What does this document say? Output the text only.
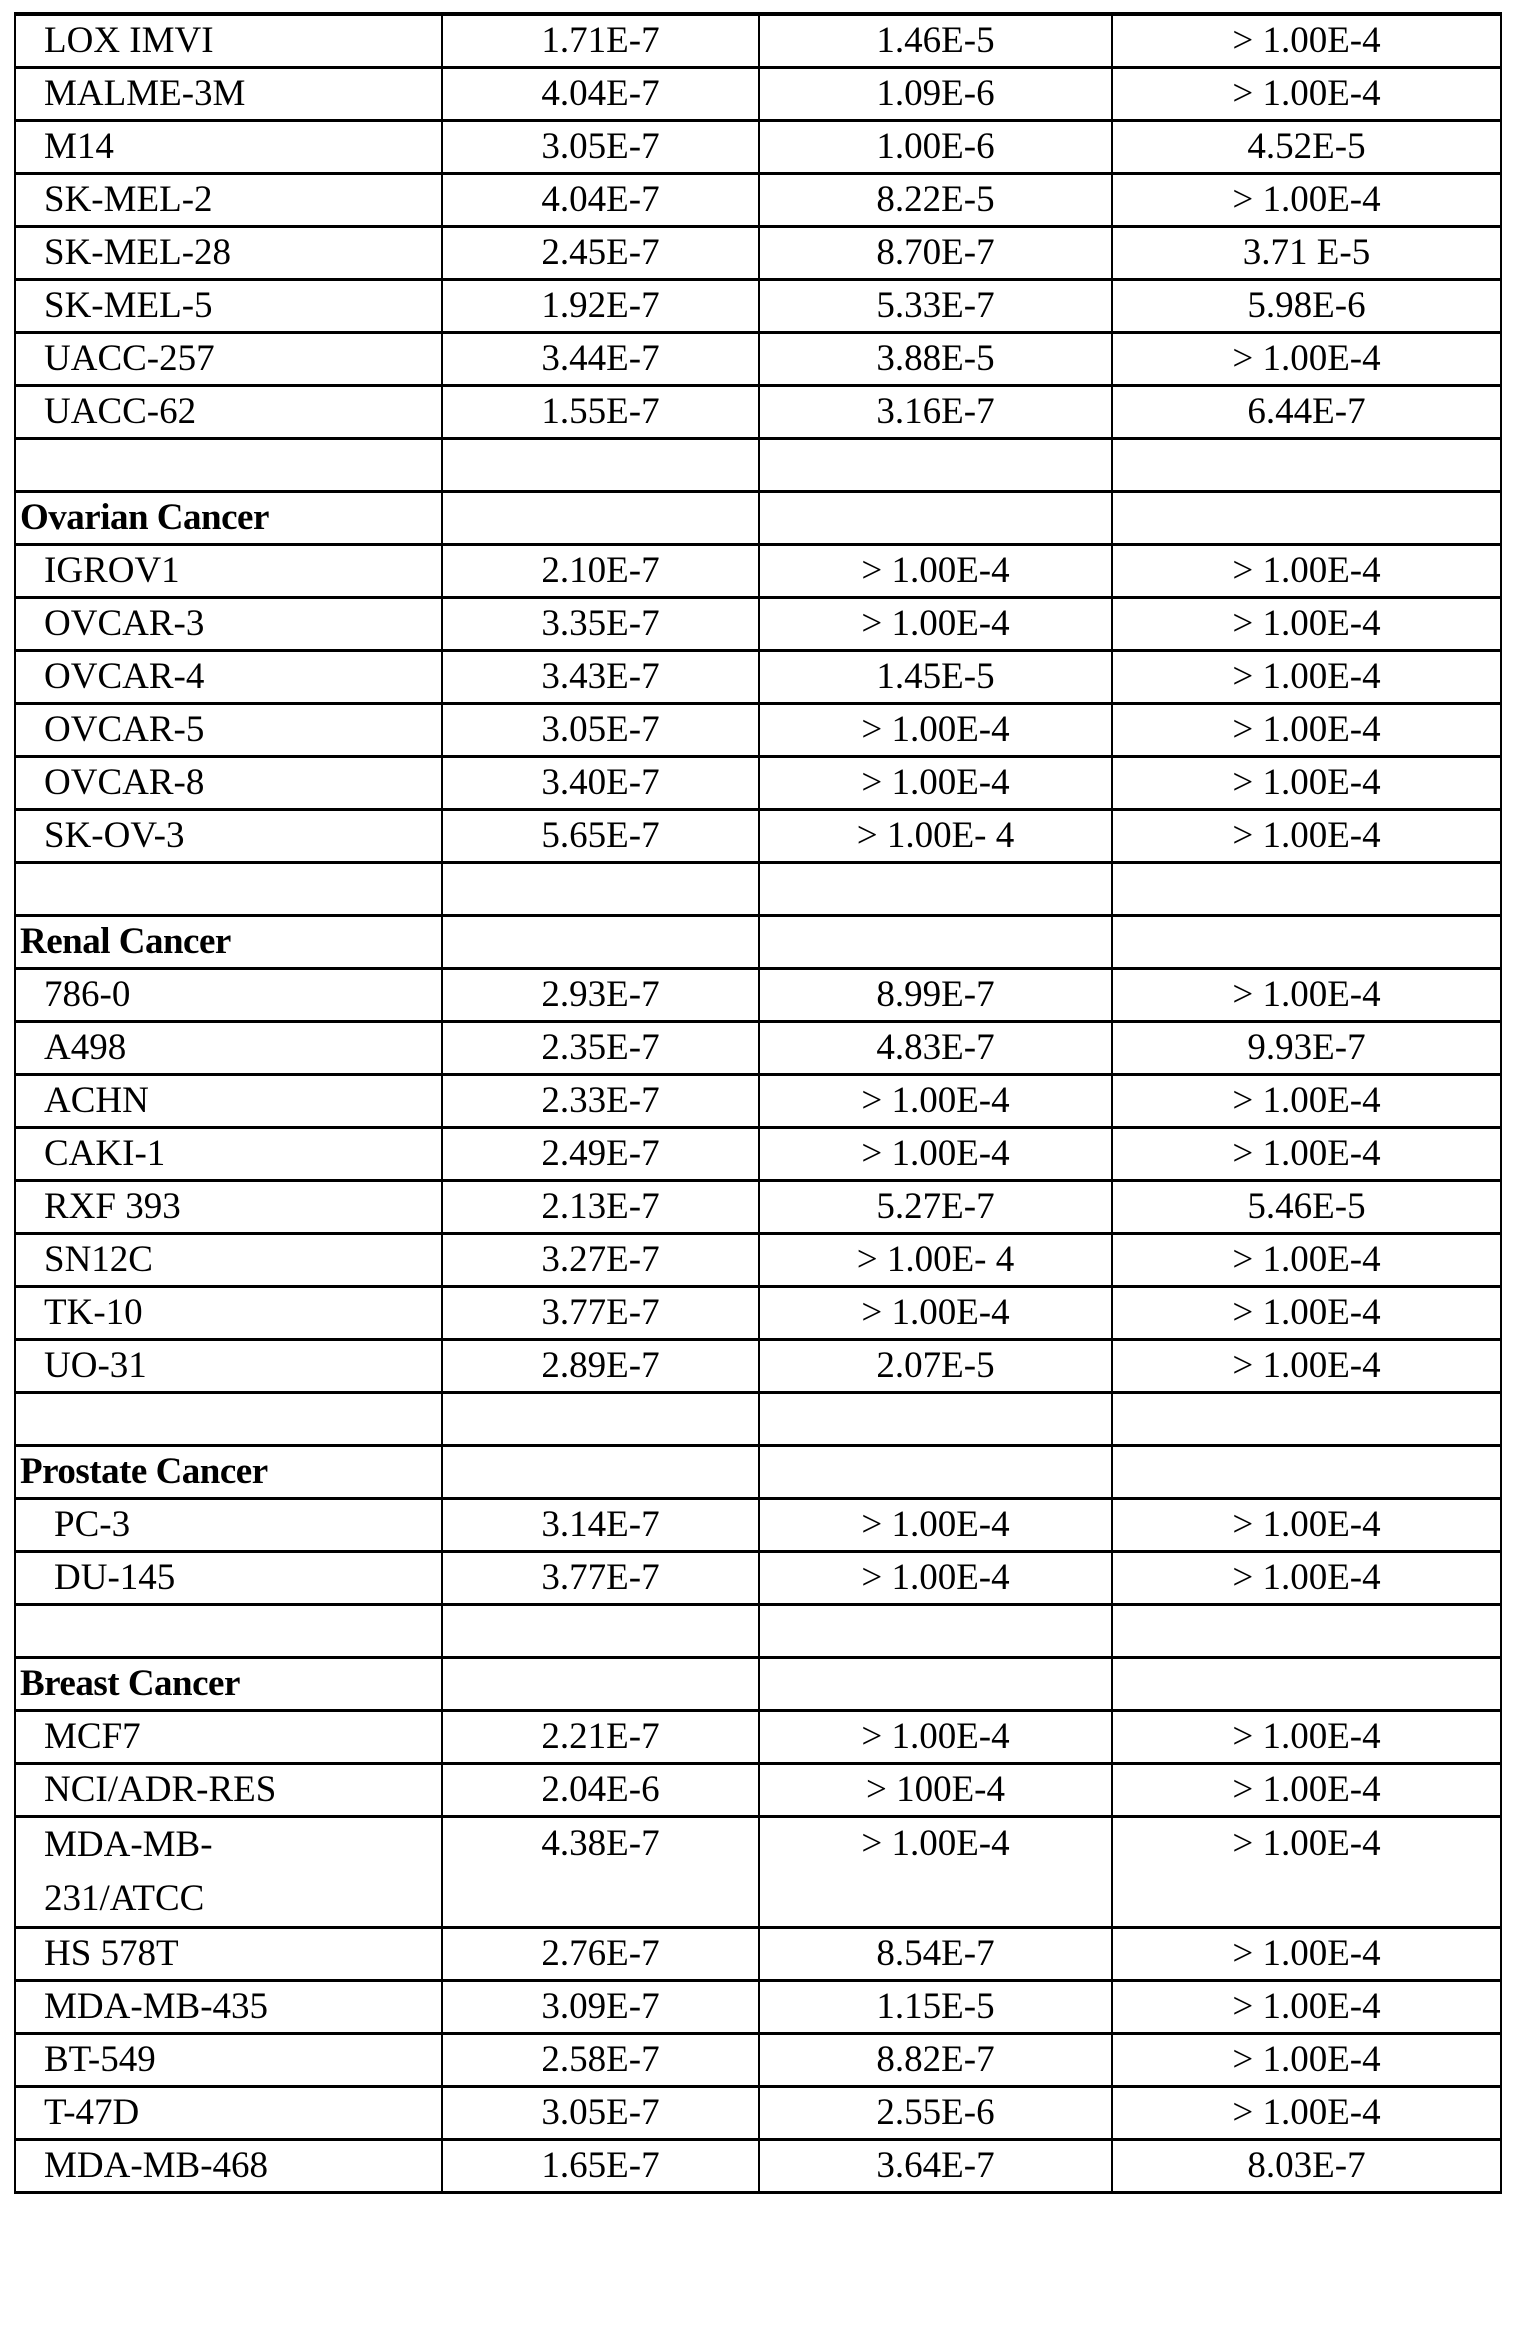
LOX IMVI	1.71E-7	1.46E-5	> 1.00E-4
MALME-3M	4.04E-7	1.09E-6	> 1.00E-4
M14	3.05E-7	1.00E-6	4.52E-5
SK-MEL-2	4.04E-7	8.22E-5	> 1.00E-4
SK-MEL-28	2.45E-7	8.70E-7	3.71 E-5
SK-MEL-5	1.92E-7	5.33E-7	5.98E-6
UACC-257	3.44E-7	3.88E-5	> 1.00E-4
UACC-62	1.55E-7	3.16E-7	6.44E-7

Ovarian Cancer			
IGROV1	2.10E-7	> 1.00E-4	> 1.00E-4
OVCAR-3	3.35E-7	> 1.00E-4	> 1.00E-4
OVCAR-4	3.43E-7	1.45E-5	> 1.00E-4
OVCAR-5	3.05E-7	> 1.00E-4	> 1.00E-4
OVCAR-8	3.40E-7	> 1.00E-4	> 1.00E-4
SK-OV-3	5.65E-7	> 1.00E- 4	> 1.00E-4

Renal Cancer			
786-0	2.93E-7	8.99E-7	> 1.00E-4
A498	2.35E-7	4.83E-7	9.93E-7
ACHN	2.33E-7	> 1.00E-4	> 1.00E-4
CAKI-1	2.49E-7	> 1.00E-4	> 1.00E-4
RXF 393	2.13E-7	5.27E-7	5.46E-5
SN12C	3.27E-7	> 1.00E- 4	> 1.00E-4
TK-10	3.77E-7	> 1.00E-4	> 1.00E-4
UO-31	2.89E-7	2.07E-5	> 1.00E-4

Prostate Cancer			
PC-3	3.14E-7	> 1.00E-4	> 1.00E-4
DU-145	3.77E-7	> 1.00E-4	> 1.00E-4

Breast Cancer			
MCF7	2.21E-7	> 1.00E-4	> 1.00E-4
NCI/ADR-RES	2.04E-6	> 100E-4	> 1.00E-4
MDA-MB-
231/ATCC	4.38E-7	> 1.00E-4	> 1.00E-4
HS 578T	2.76E-7	8.54E-7	> 1.00E-4
MDA-MB-435	3.09E-7	1.15E-5	> 1.00E-4
BT-549	2.58E-7	8.82E-7	> 1.00E-4
T-47D	3.05E-7	2.55E-6	> 1.00E-4
MDA-MB-468	1.65E-7	3.64E-7	8.03E-7
